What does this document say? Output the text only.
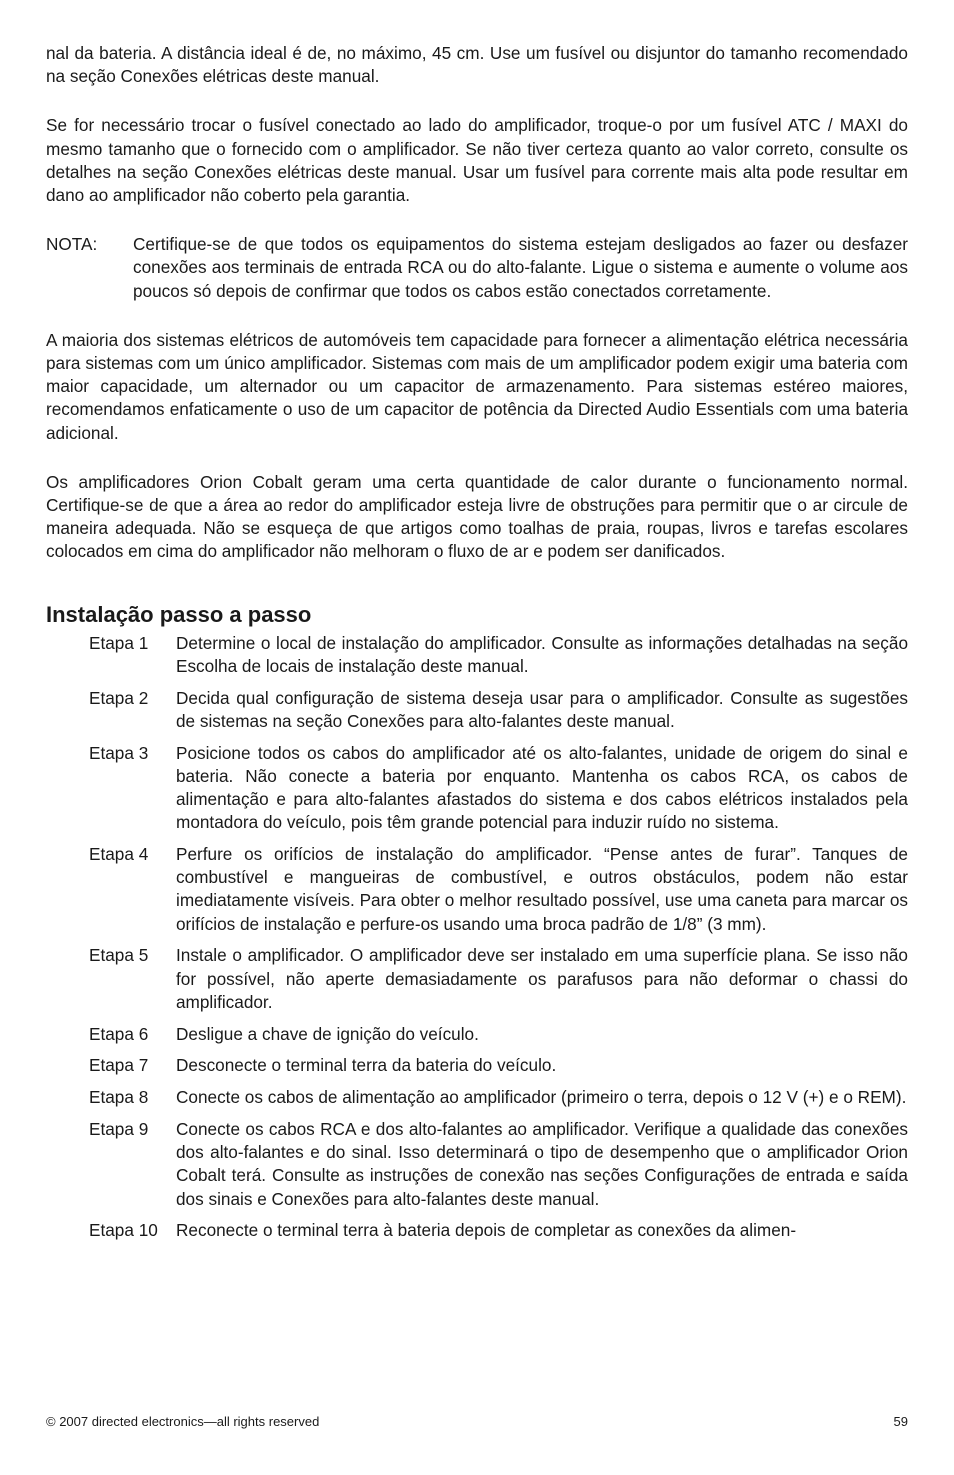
nal da bateria. A distância ideal é de, no máximo, 45 cm. Use um fusível ou disjuntor do tamanho recomendado na seção Conexões elétricas deste manual.

Se for necessário trocar o fusível conectado ao lado do amplificador, troque-o por um fusível ATC / MAXI do mesmo tamanho que o fornecido com o amplificador. Se não tiver certeza quanto ao valor correto, consulte os detalhes na seção Conexões elétricas deste manual. Usar um fusível para corrente mais alta pode resultar em dano ao amplificador não coberto pela garantia.

NOTA:	Certifique-se de que todos os equipamentos do sistema estejam desligados ao fazer ou desfazer conexões aos terminais de entrada RCA ou do alto-falante. Ligue o sistema e aumente o volume aos poucos só depois de confirmar que todos os cabos estão conectados corretamente.

A maioria dos sistemas elétricos de automóveis tem capacidade para fornecer a alimentação elétrica necessária para sistemas com um único amplificador. Sistemas com mais de um amplificador podem exigir uma bateria com maior capacidade, um alternador ou um capacitor de armazenamento. Para sistemas estéreo maiores, recomendamos enfaticamente o uso de um capacitor de potência da Directed Audio Essentials com uma bateria adicional.

Os amplificadores Orion Cobalt geram uma certa quantidade de calor durante o funcionamento normal. Certifique-se de que a área ao redor do amplificador esteja livre de obstruções para permitir que o ar circule de maneira adequada. Não se esqueça de que artigos como toalhas de praia, roupas, livros e tarefas escolares colocados em cima do amplificador não melhoram o fluxo de ar e podem ser danificados.

Instalação passo a passo
Etapa 1	Determine o local de instalação do amplificador. Consulte as informações detalhadas na seção Escolha de locais de instalação deste manual.
Etapa 2	Decida qual configuração de sistema deseja usar para o amplificador. Consulte as sugestões de sistemas na seção Conexões para alto-falantes deste manual.
Etapa 3	Posicione todos os cabos do amplificador até os alto-falantes, unidade de origem do sinal e bateria. Não conecte a bateria por enquanto. Mantenha os cabos RCA, os cabos de alimentação e para alto-falantes afastados do sistema e dos cabos elétricos instalados pela montadora do veículo, pois têm grande potencial para induzir ruído no sistema.
Etapa 4	Perfure os orifícios de instalação do amplificador. “Pense antes de furar”. Tanques de combustível e mangueiras de combustível, e outros obstáculos, podem não estar imediatamente visíveis. Para obter o melhor resultado possível, use uma caneta para marcar os orifícios de instalação e perfure-os usando uma broca padrão de 1/8” (3 mm).
Etapa 5	Instale o amplificador. O amplificador deve ser instalado em uma superfície plana. Se isso não for possível, não aperte demasiadamente os parafusos para não deformar o chassi do amplificador.
Etapa 6	Desligue a chave de ignição do veículo.
Etapa 7	Desconecte o terminal terra da bateria do veículo.
Etapa 8	Conecte os cabos de alimentação ao amplificador (primeiro o terra, depois o 12 V (+) e o REM).
Etapa 9	Conecte os cabos RCA e dos alto-falantes ao amplificador. Verifique a qualidade das conexões dos alto-falantes e do sinal. Isso determinará o tipo de desempenho que o amplificador Orion Cobalt terá. Consulte as instruções de conexão nas seções Configurações de entrada e saída dos sinais e Conexões para alto-falantes deste manual.
Etapa 10	Reconecte o terminal terra à bateria depois de completar as conexões da alimen-
© 2007 directed electronics—all rights reserved	59
